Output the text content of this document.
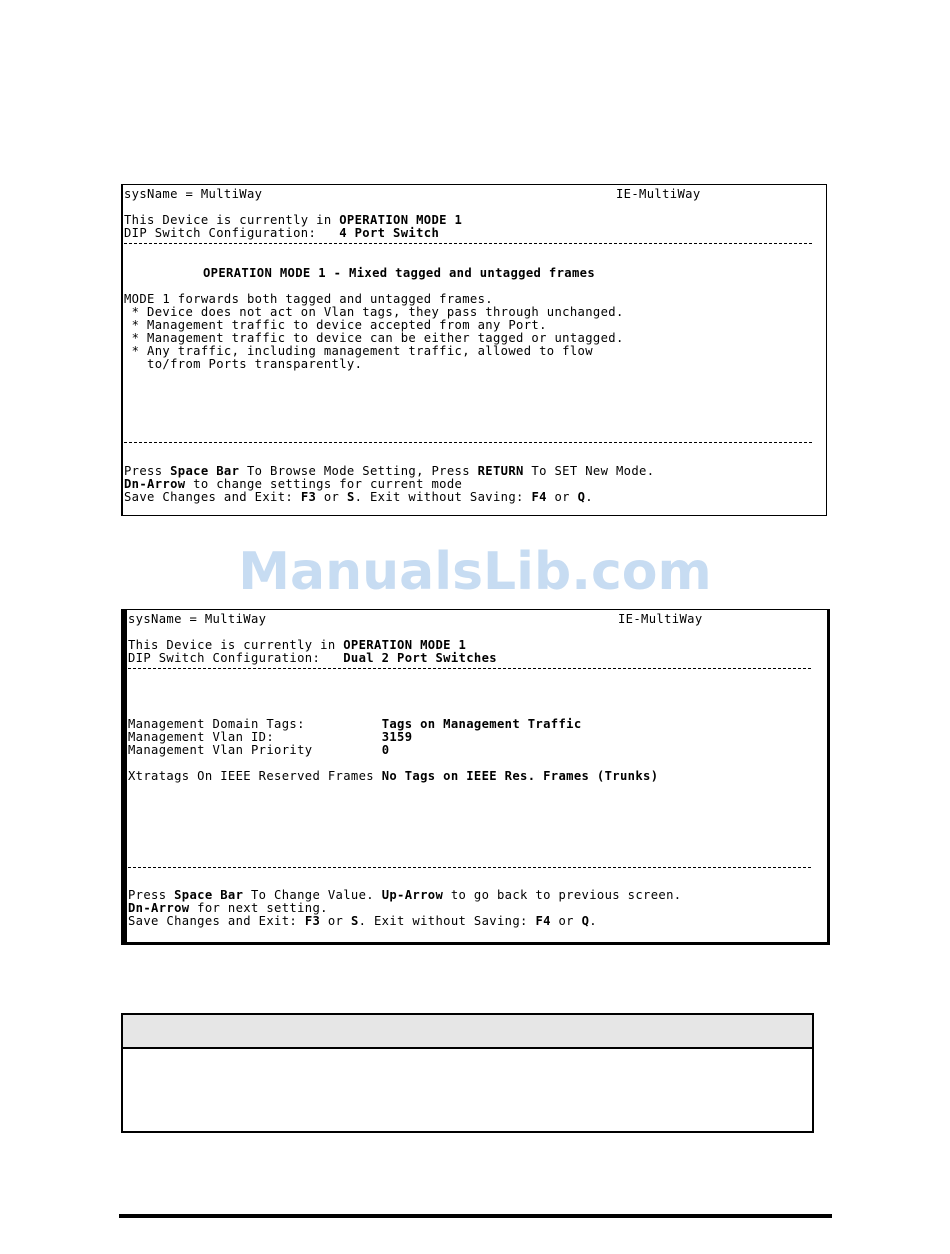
sysName = MultiWay	IE-MultiWay
This Device is currently in OPERATION MODE 1
DIP Switch Configuration:   4 Port Switch
OPERATION MODE 1 - Mixed tagged and untagged frames
MODE 1 forwards both tagged and untagged frames.
* Device does not act on Vlan tags, they pass through unchanged.
* Management traffic to device accepted from any Port.
* Management traffic to device can be either tagged or untagged.
* Any traffic, including management traffic, allowed to flow
to/from Ports transparently.
Press Space Bar To Browse Mode Setting, Press RETURN To SET New Mode.
Dn-Arrow to change settings for current mode
Save Changes and Exit: F3 or S. Exit without Saving: F4 or Q.
ManualsLib.com
sysName = MultiWay	IE-MultiWay
This Device is currently in OPERATION MODE 1
DIP Switch Configuration:   Dual 2 Port Switches
Management Domain Tags:          Tags on Management Traffic
Management Vlan ID:              3159
Management Vlan Priority         0
Xtratags On IEEE Reserved Frames No Tags on IEEE Res. Frames (Trunks)
Press Space Bar To Change Value. Up-Arrow to go back to previous screen.
Dn-Arrow for next setting.
Save Changes and Exit: F3 or S. Exit without Saving: F4 or Q.
